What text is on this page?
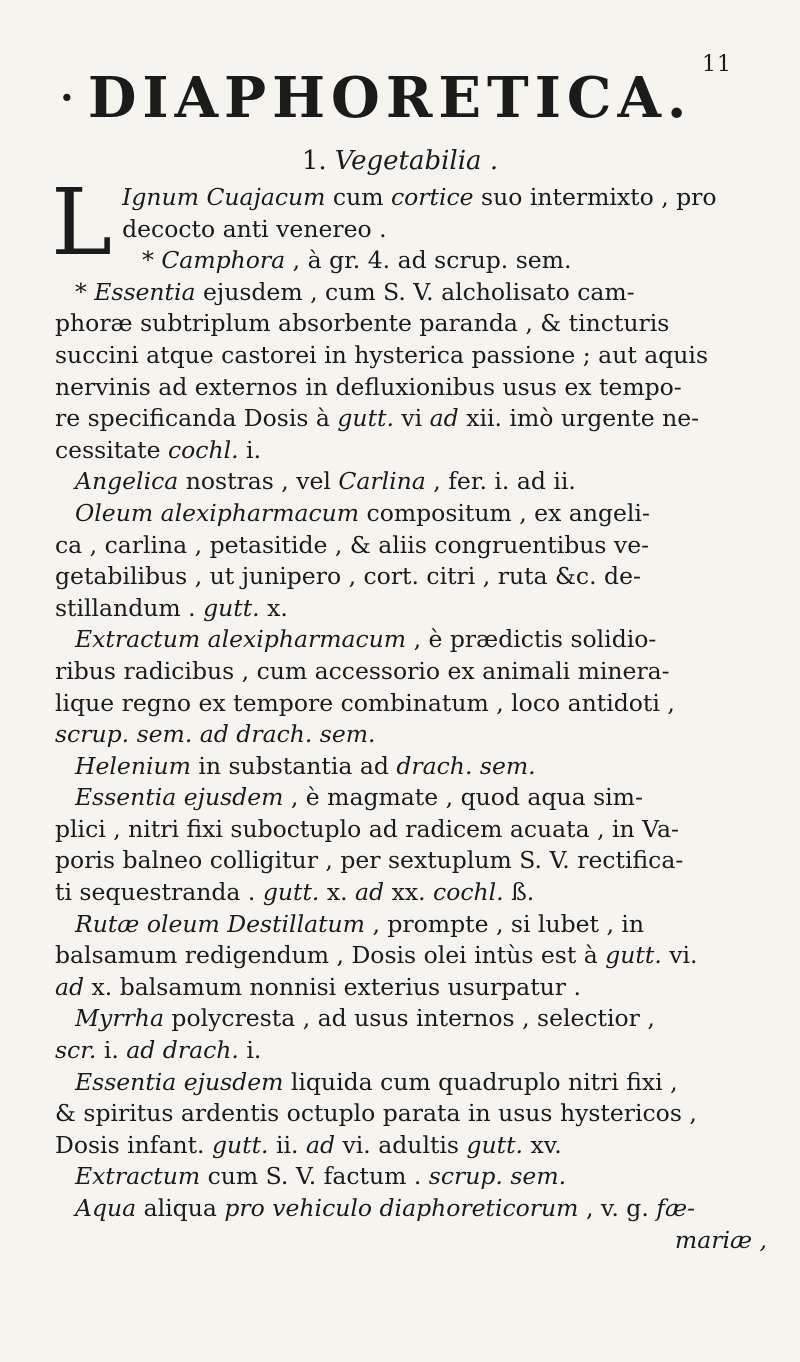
11
· DIAPHORETICA.
1. Vegetabilia .
L Ignum Cuajacum cum cortice suo intermixto , pro
decocto anti venereo .
* Camphora , à gr. 4. ad scrup. sem.
* Essentia ejusdem , cum S. V. alcholisato cam-
phoræ subtriplum absorbente paranda , & tincturis
succini atque castorei in hysterica passione ; aut aquis
nervinis ad externos in defluxionibus usus ex tempo-
re specificanda Dosis à gutt. vi ad xii. imò urgente ne-
cessitate cochl. i.
Angelica nostras , vel Carlina , fer. i. ad ii.
Oleum alexipharmacum compositum , ex angeli-
ca , carlina , petasitide , & aliis congruentibus ve-
getabilibus , ut junipero , cort. citri , ruta &c. de-
stillandum . gutt. x.
Extractum alexipharmacum , è prædictis solidio-
ribus radicibus , cum accessorio ex animali minera-
lique regno ex tempore combinatum , loco antidoti ,
scrup. sem. ad drach. sem.
Helenium in substantia ad drach. sem.
Essentia ejusdem , è magmate , quod aqua sim-
plici , nitri fixi suboctuplo ad radicem acuata , in Va-
poris balneo colligitur , per sextuplum S. V. rectifica-
ti sequestranda . gutt. x. ad xx. cochl. ß.
Rutæ oleum Destillatum , prompte , si lubet , in
balsamum redigendum , Dosis olei intùs est à gutt. vi.
ad x. balsamum nonnisi exterius usurpatur .
Myrrha polycresta , ad usus internos , selectior ,
scr. i. ad drach. i.
Essentia ejusdem liquida cum quadruplo nitri fixi ,
& spiritus ardentis octuplo parata in usus hystericos ,
Dosis infant. gutt. ii. ad vi. adultis gutt. xv.
Extractum cum S. V. factum . scrup. sem.
Aqua aliqua pro vehiculo diaphoreticorum , v. g. fæ-
mariæ ,
